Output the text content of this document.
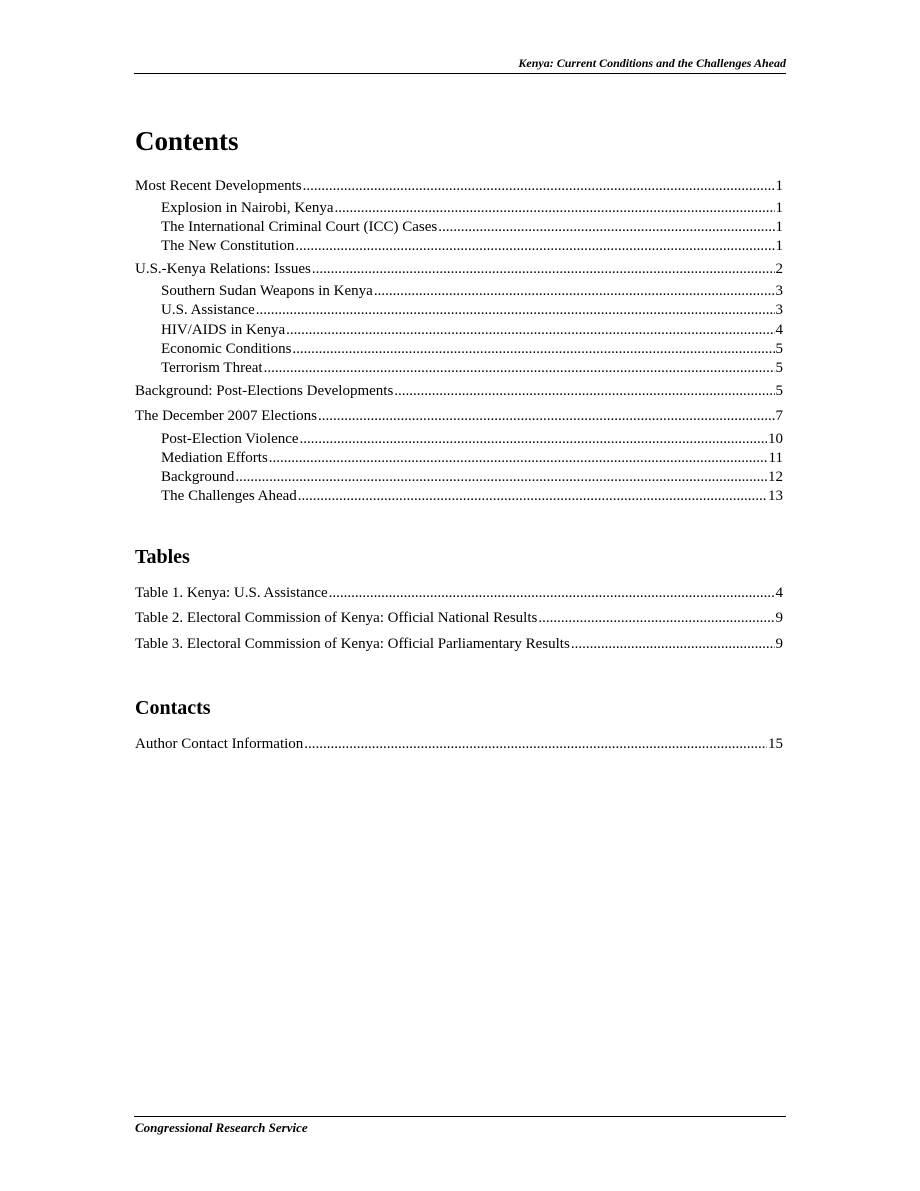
Kenya: Current Conditions and the Challenges Ahead
Contents
Most Recent Developments .....	1
Explosion in Nairobi, Kenya .....	1
The International Criminal Court (ICC) Cases .....	1
The New Constitution .....	1
U.S.-Kenya Relations: Issues .....	2
Southern Sudan Weapons in Kenya .....	3
U.S. Assistance .....	3
HIV/AIDS in Kenya .....	4
Economic Conditions .....	5
Terrorism Threat .....	5
Background: Post-Elections Developments .....	5
The December 2007 Elections .....	7
Post-Election Violence .....	10
Mediation Efforts .....	11
Background .....	12
The Challenges Ahead .....	13
Tables
Table 1. Kenya: U.S. Assistance .....	4
Table 2. Electoral Commission of Kenya: Official National Results .....	9
Table 3. Electoral Commission of Kenya: Official Parliamentary Results .....	9
Contacts
Author Contact Information .....	15
Congressional Research Service
